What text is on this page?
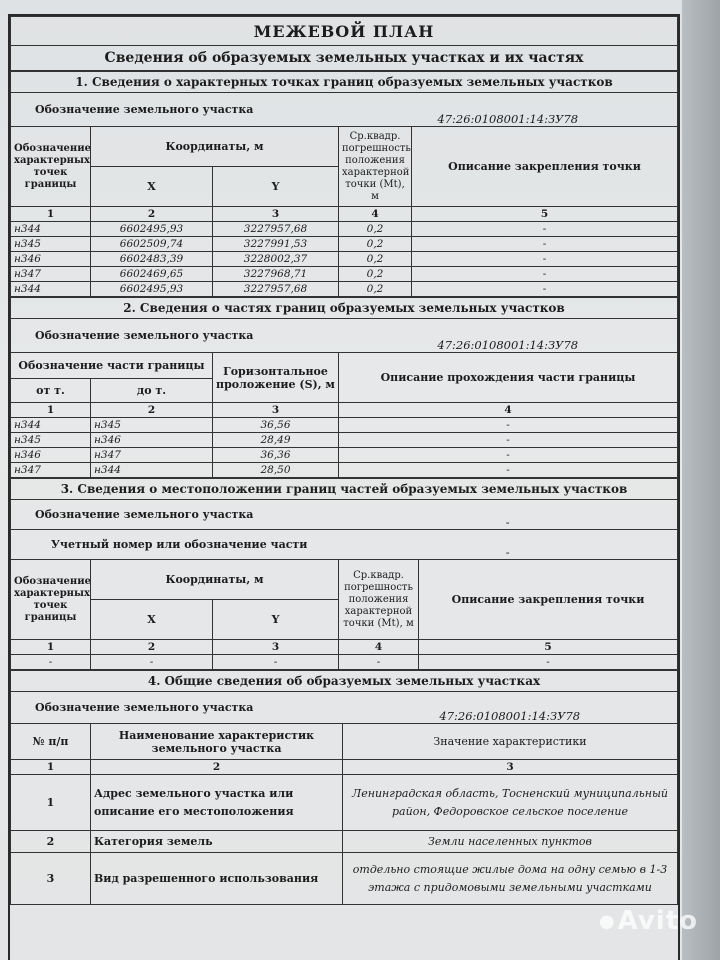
МЕЖЕВОЙ ПЛАН
Сведения об образуемых земельных участках и их частях
1. Сведения о характерных точках границ образуемых земельных участков				
Обозначение земельного участка			47:26:0108001:14:ЗУ78	
Обозначение характерных точек границы	Координаты, м		Ср.квадр. погрешность положения характерной точки (Mt), м	Описание закрепления точки
	X	Y		
1	2	3	4	5
н344	6602495,93	3227957,68	0,2	-
н345	6602509,74	3227991,53	0,2	-
н346	6602483,39	3228002,37	0,2	-
н347	6602469,65	3227968,71	0,2	-
н344	6602495,93	3227957,68	0,2	-
2. Сведения о частях границ образуемых земельных участков			
Обозначение земельного участка			47:26:0108001:14:ЗУ78
Обозначение части границы		Горизонтальное проложение (S), м	Описание прохождения части границы
от т.	до т.		
1	2	3	4
н344	н345	36,56	-
н345	н346	28,49	-
н346	н347	36,36	-
н347	н344	28,50	-
3. Сведения о местоположении границ частей образуемых земельных участков				
Обозначение земельного участка			-	
Учетный номер или обозначение части			-	
Обозначение характерных точек границы	Координаты, м		Ср.квадр. погрешность положения характерной точки (Mt), м	Описание закрепления точки
	X	Y		
1	2	3	4	5
-	-	-	-	-
4. Общие сведения об образуемых земельных участках		
Обозначение земельного участка		47:26:0108001:14:ЗУ78
№ п/п	Наименование характеристик земельного участка	Значение характеристики
1	2	3
1	Адрес земельного участка или описание его местоположения	Ленинградская область, Тосненский муниципальный район, Федоровское сельское поселение
2	Категория земель	Земли населенных пунктов
3	Вид разрешенного использования	отдельно стоящие жилые дома на одну семью в 1-3 этажа с придомовыми земельными участками
●Avito
